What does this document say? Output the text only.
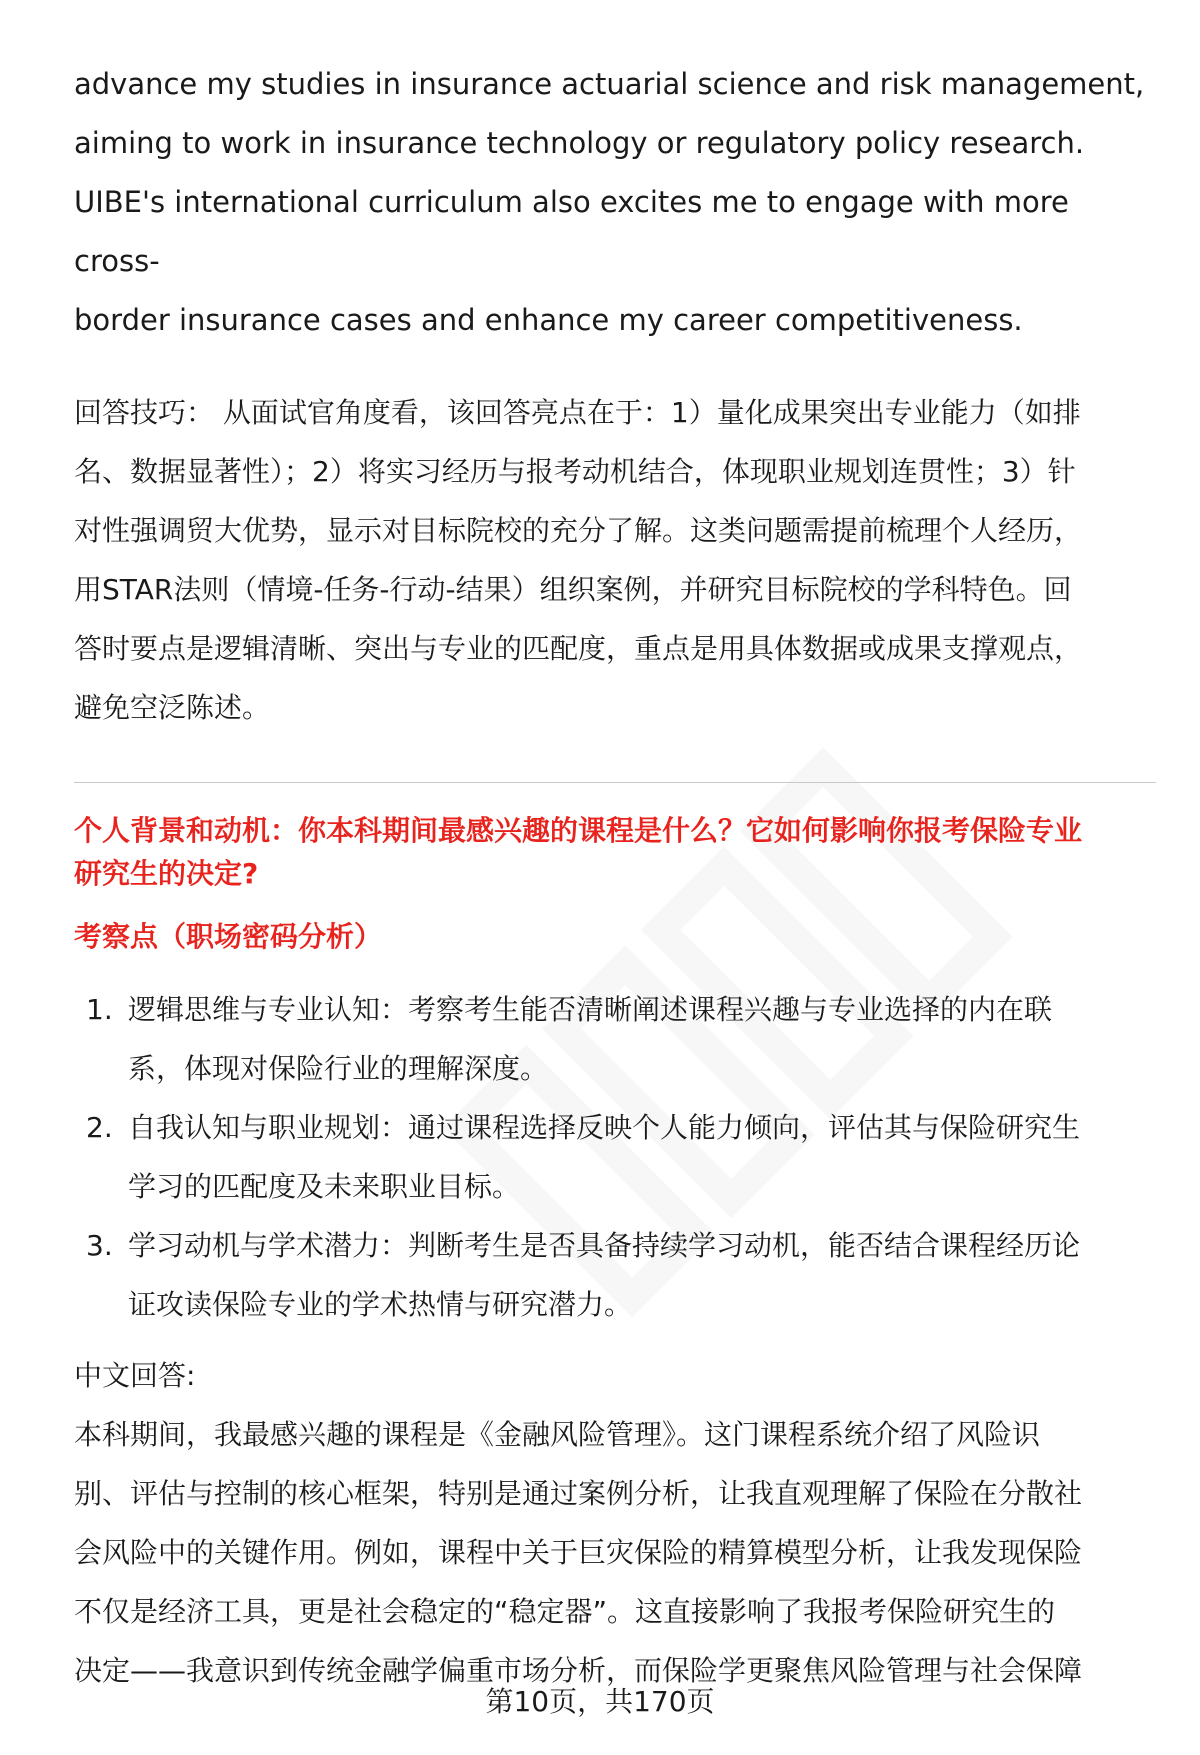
advance my studies in insurance actuarial science and risk management,

aiming to work in insurance technology or regulatory policy research.

UIBE's international curriculum also excites me to engage with more cross-

border insurance cases and enhance my career competitiveness.

回答技巧： 从面试官角度看，该回答亮点在于：1）量化成果突出专业能力（如排

名、数据显著性）；2）将实习经历与报考动机结合，体现职业规划连贯性；3）针

对性强调贸大优势，显示对目标院校的充分了解。这类问题需提前梳理个人经历，

用STAR法则（情境-任务-行动-结果）组织案例，并研究目标院校的学科特色。回

答时要点是逻辑清晰、突出与专业的匹配度，重点是用具体数据或成果支撑观点，

避免空泛陈述。

个人背景和动机：你本科期间最感兴趣的课程是什么？它如何影响你报考保险专业

研究生的决定?

考察点（职场密码分析）

1. 逻辑思维与专业认知：考察考生能否清晰阐述课程兴趣与专业选择的内在联
系，体现对保险行业的理解深度。
2. 自我认知与职业规划：通过课程选择反映个人能力倾向，评估其与保险研究生
学习的匹配度及未来职业目标。
3. 学习动机与学术潜力：判断考生是否具备持续学习动机，能否结合课程经历论
证攻读保险专业的学术热情与研究潜力。

中文回答:

本科期间，我最感兴趣的课程是《金融风险管理》。这门课程系统介绍了风险识

别、评估与控制的核心框架，特别是通过案例分析，让我直观理解了保险在分散社

会风险中的关键作用。例如，课程中关于巨灾保险的精算模型分析，让我发现保险

不仅是经济工具，更是社会稳定的“稳定器”。这直接影响了我报考保险研究生的

决定——我意识到传统金融学偏重市场分析，而保险学更聚焦风险管理与社会保障

第10页，共170页
